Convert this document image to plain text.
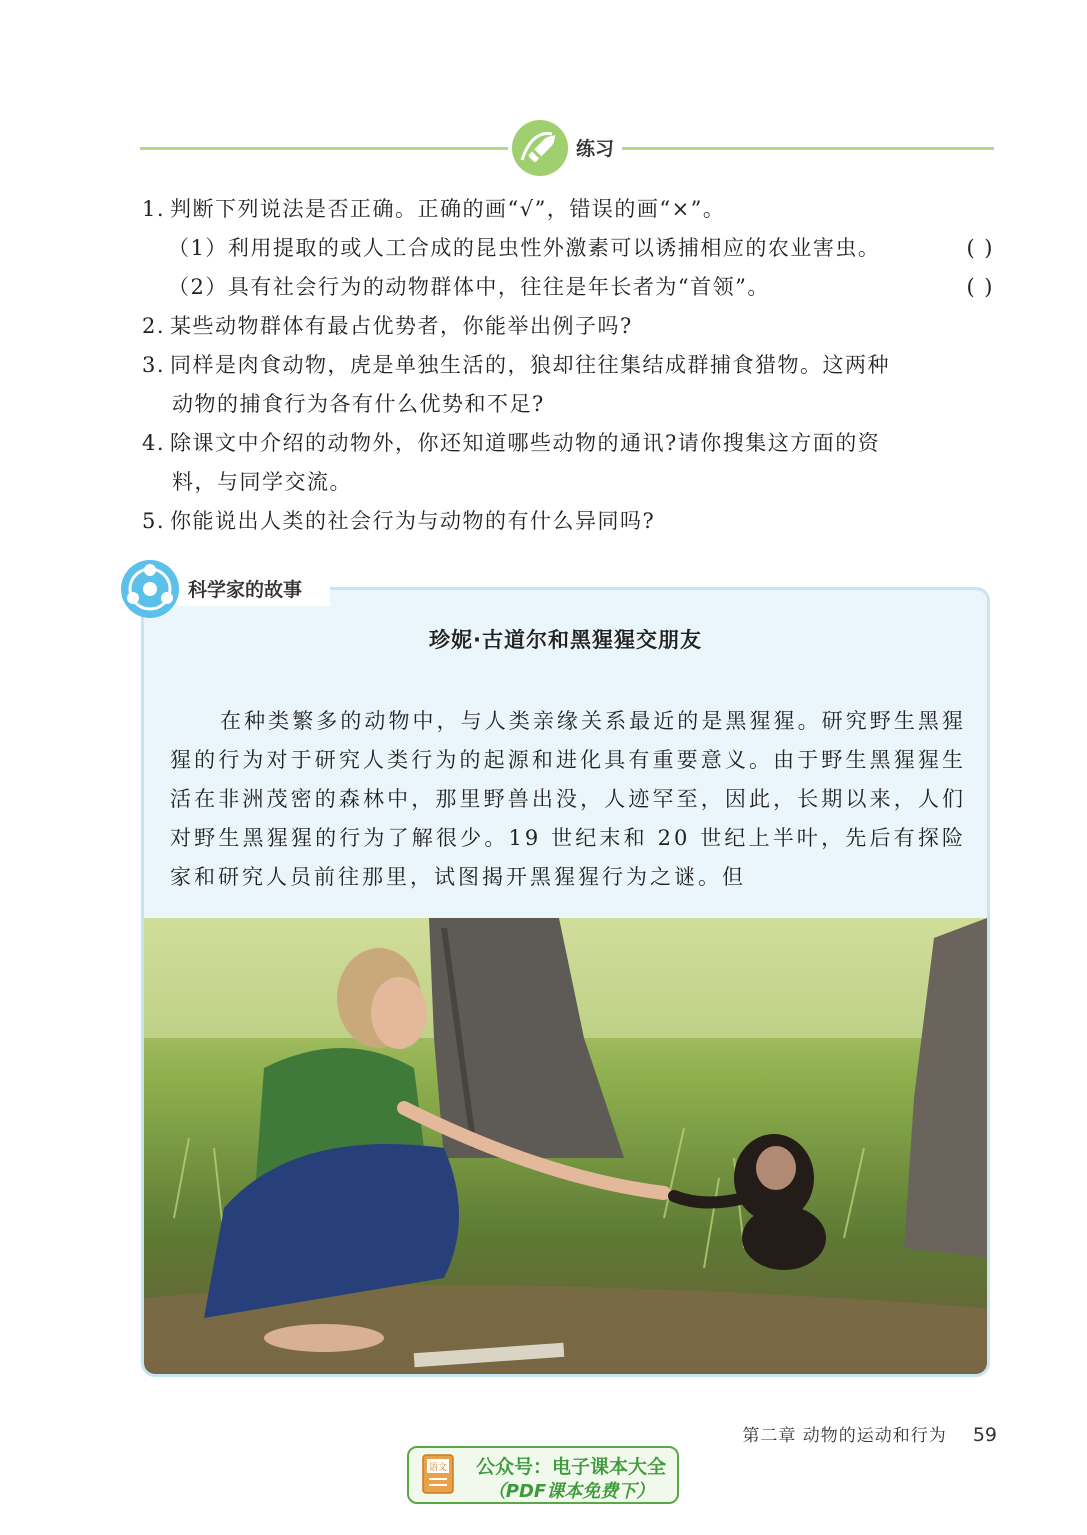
练习
1. 判断下列说法是否正确。正确的画“√”，错误的画“×”。
（1）利用提取的或人工合成的昆虫性外激素可以诱捕相应的农业害虫。	( )
（2）具有社会行为的动物群体中，往往是年长者为“首领”。	( )
2. 某些动物群体有最占优势者，你能举出例子吗?
3. 同样是肉食动物，虎是单独生活的，狼却往往集结成群捕食猎物。这两种
动物的捕食行为各有什么优势和不足?
4. 除课文中介绍的动物外，你还知道哪些动物的通讯?请你搜集这方面的资
料，与同学交流。
5. 你能说出人类的社会行为与动物的有什么异同吗?
珍妮·古道尔和黑猩猩交朋友
在种类繁多的动物中，与人类亲缘关系最近的是黑猩猩。研究野生黑猩猩的行为对于研究人类行为的起源和进化具有重要意义。由于野生黑猩猩生活在非洲茂密的森林中，那里野兽出没，人迹罕至，因此，长期以来，人们对野生黑猩猩的行为了解很少。19 世纪末和 20 世纪上半叶，先后有探险家和研究人员前往那里，试图揭开黑猩猩行为之谜。但
科学家的故事
第二章 动物的运动和行为 59
语文 公众号：电子课本大全
（PDF课本免费下）
